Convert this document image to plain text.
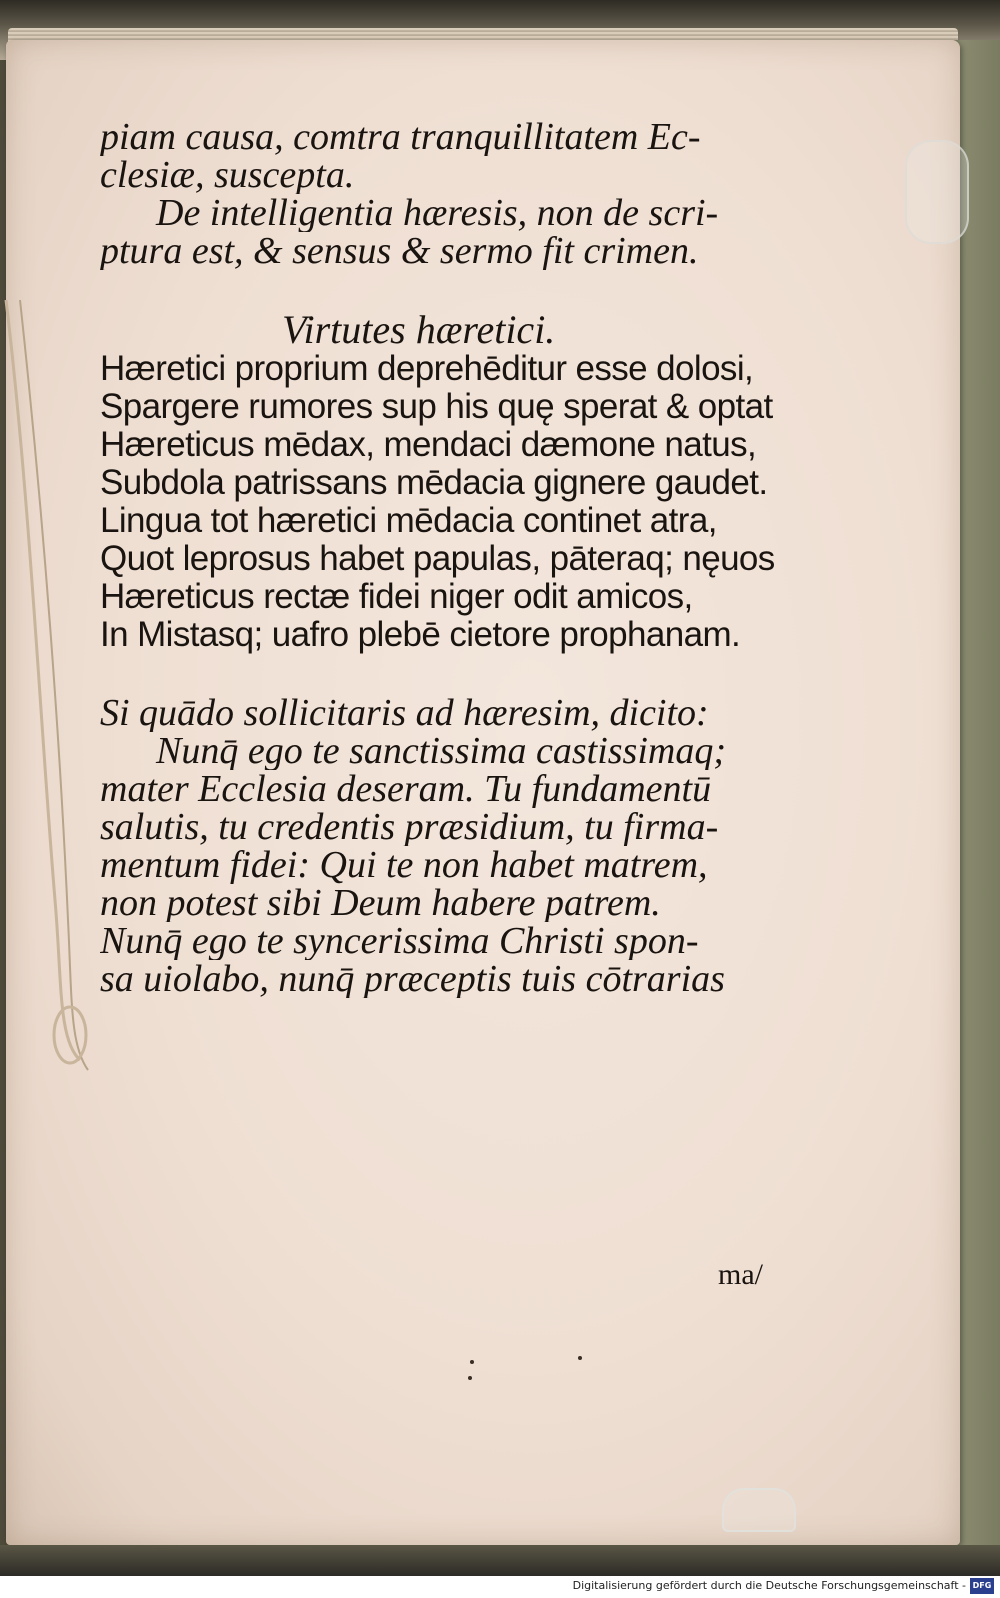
piam causa, comtra tranquillitatem Ec-
clesiæ, suscepta.
De intelligentia hæresis, non de scri-
ptura est, & sensus & sermo fit crimen.
Virtutes hæretici.
Hæretici proprium deprehēditur esse dolosi,
Spargere rumores sup his quę sperat & optat
Hæreticus mēdax, mendaci dæmone natus,
Subdola patrissans mēdacia gignere gaudet.
Lingua tot hæretici mēdacia continet atra,
Quot leprosus habet papulas, pāteraq; nęuos
Hæreticus rectæ fidei niger odit amicos,
In Mistasq; uafro plebē cietore prophanam.
Si quādo sollicitaris ad hæresim, dicito:
Nunq̄ ego te sanctissima castissimaq;
mater Ecclesia deseram. Tu fundamentū
salutis, tu credentis præsidium, tu firma-
mentum fidei: Qui te non habet matrem,
non potest sibi Deum habere patrem.
Nunq̄ ego te syncerissima Christi spon-
sa uiolabo, nunq̄ præceptis tuis cōtrarias
ma/
Digitalisierung gefördert durch die Deutsche Forschungsgemeinschaft - DFG
